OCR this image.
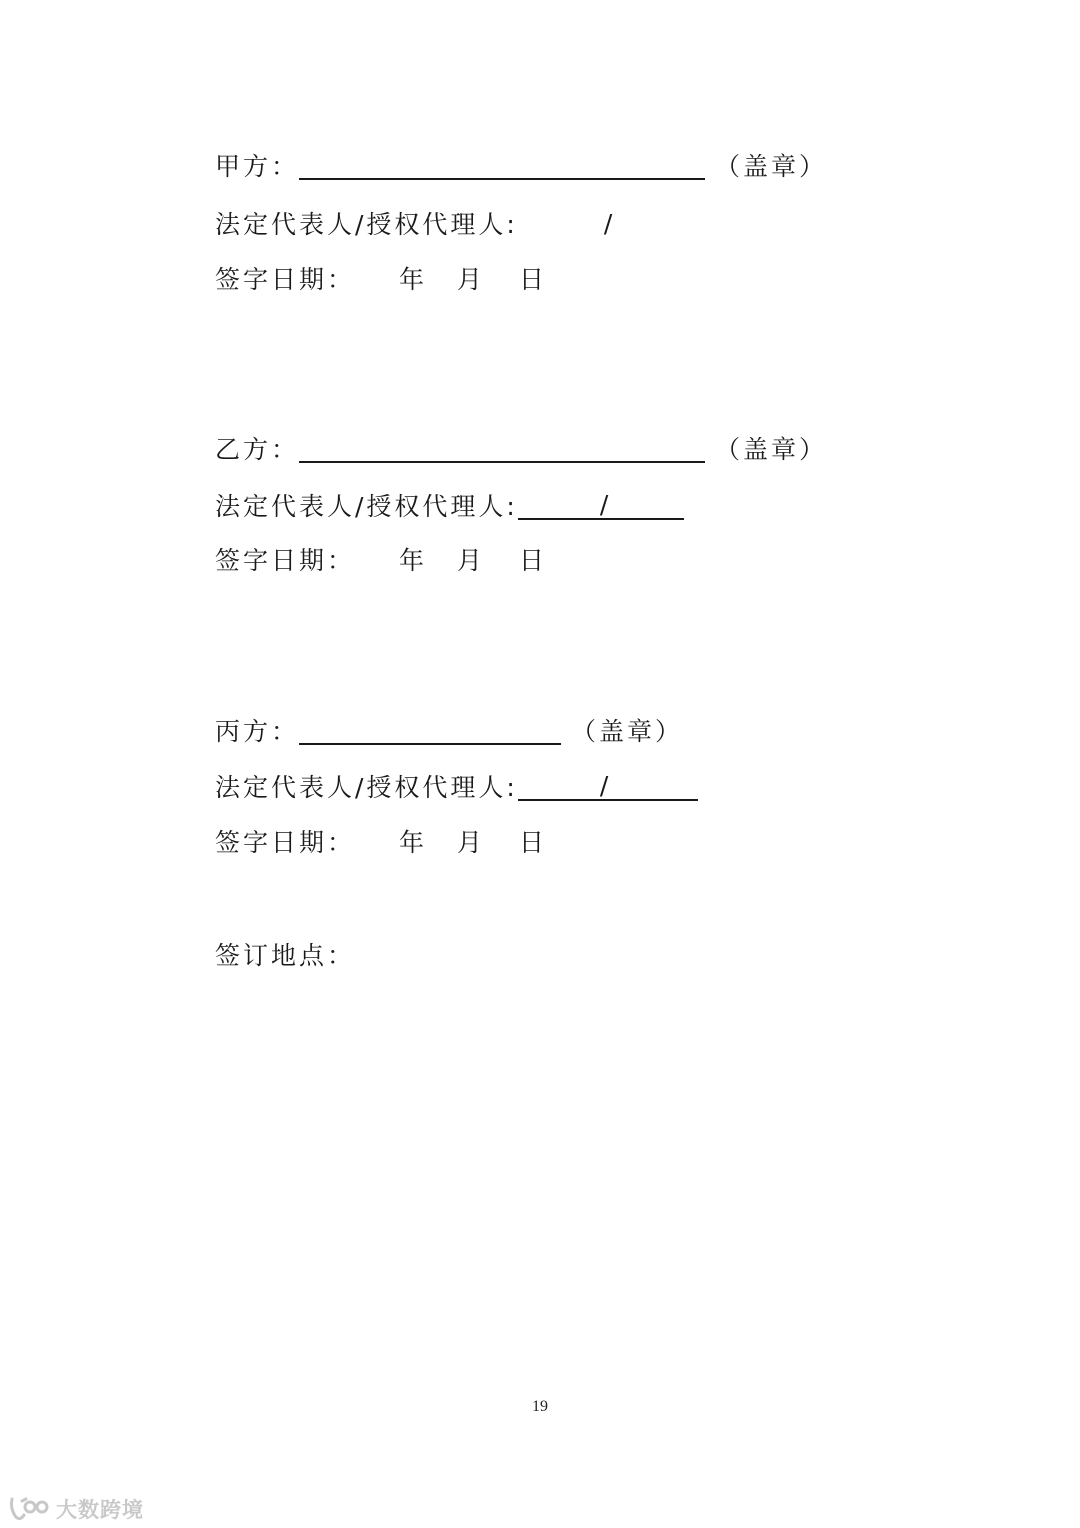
甲方：	（盖章）
法定代表人/授权代理人:	/
签字日期： 年 月 日
乙方：	（盖章）
法定代表人/授权代理人:	/
签字日期： 年 月 日
丙方：	（盖章）
法定代表人/授权代理人:	/
签字日期： 年 月 日
签订地点：
19
大数跨境
